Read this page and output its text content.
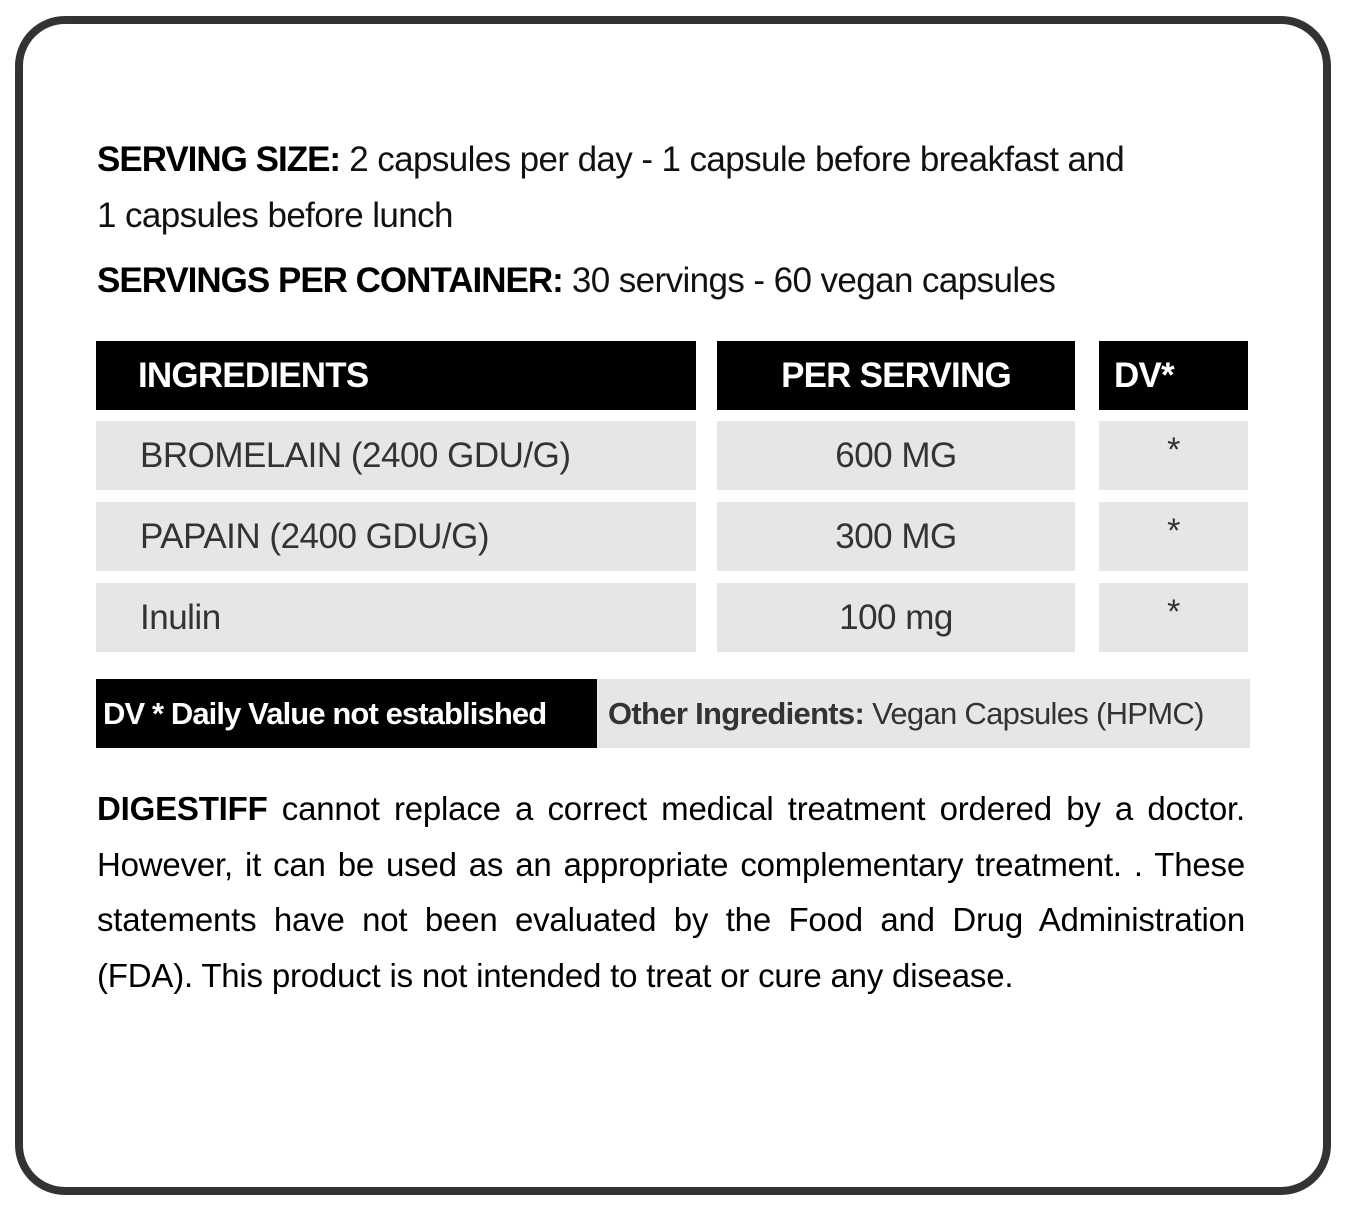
SERVING SIZE: 2 capsules per day - 1 capsule before breakfast and
1 capsules before lunch
SERVINGS PER CONTAINER: 30 servings - 60 vegan capsules
INGREDIENTS	PER SERVING	DV*
BROMELAIN (2400 GDU/G)	600 MG	*
PAPAIN (2400 GDU/G)	300 MG	*
Inulin	100 mg	*
DV * Daily Value not established	Other Ingredients: Vegan Capsules (HPMC)
DIGESTIFF cannot replace a correct medical treatment ordered by a doctor. However, it can be used as an appropriate complementary treatment. . These statements have not been evaluated by the Food and Drug Administration (FDA). This product is not intended to treat or cure any disease.
